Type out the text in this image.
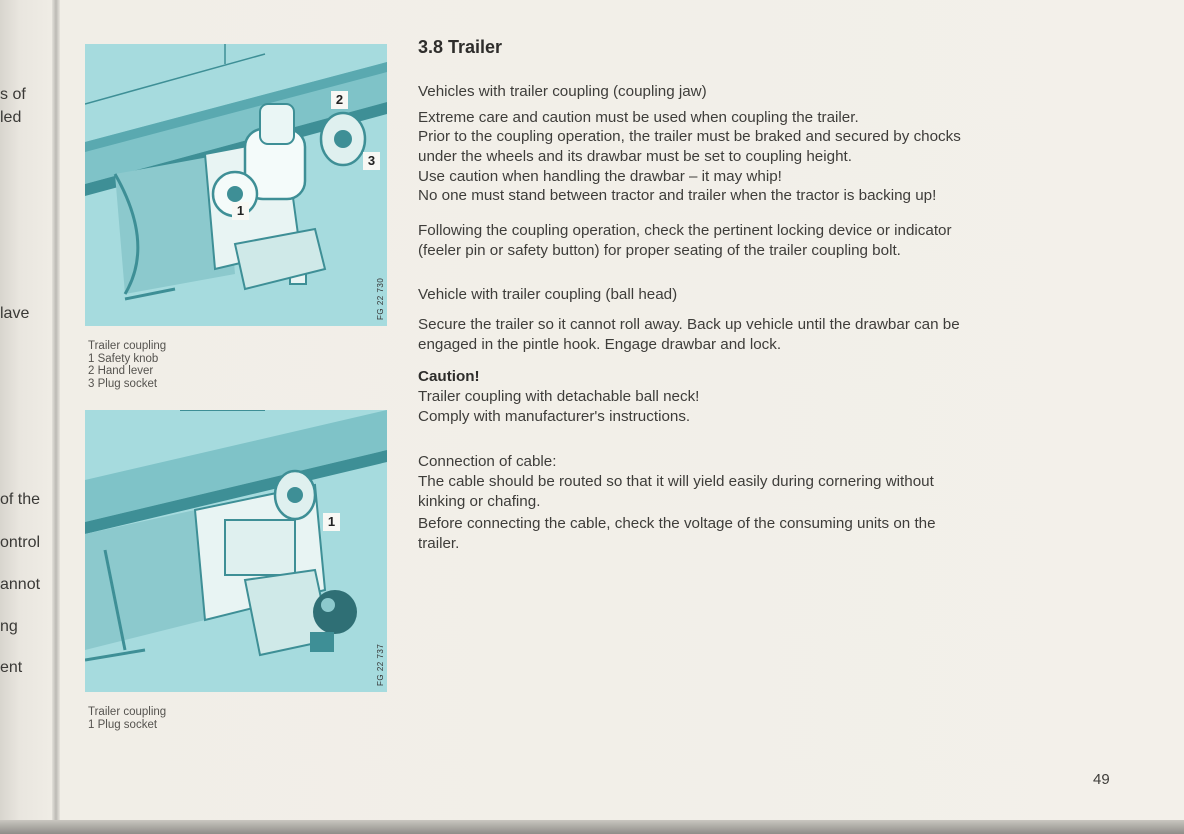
s of
led
lave
of the
ontrol
annot
ng
ent
2
3
1
FG 22 730
Trailer coupling
1 Safety knob
2 Hand lever
3 Plug socket
1
FG 22 737
Trailer coupling
1 Plug socket
3.8 Trailer
Vehicles with trailer coupling (coupling jaw)
Extreme care and caution must be used when coupling the trailer.
Prior to the coupling operation, the trailer must be braked and secured by chocks
under the wheels and its drawbar must be set to coupling height.
Use caution when handling the drawbar – it may whip!
No one must stand between tractor and trailer when the tractor is backing up!
Following the coupling operation, check the pertinent locking device or indicator
(feeler pin or safety button) for proper seating of the trailer coupling bolt.
Vehicle with trailer coupling (ball head)
Secure the trailer so it cannot roll away. Back up vehicle until the drawbar can be
engaged in the pintle hook. Engage drawbar and lock.
Caution!
Trailer coupling with detachable ball neck!
Comply with manufacturer's instructions.
Connection of cable:
The cable should be routed so that it will yield easily during cornering without
kinking or chafing.
Before connecting the cable, check the voltage of the consuming units on the
trailer.
49
